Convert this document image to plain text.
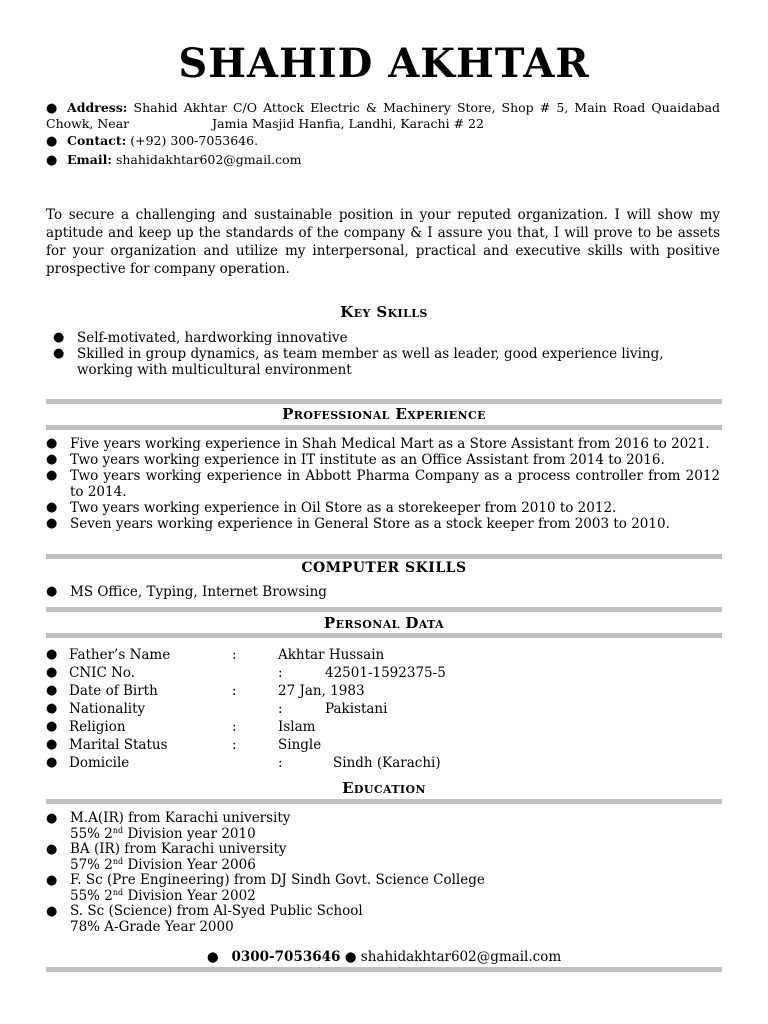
SHAHID AKHTAR
● Address: Shahid Akhtar C/O Attock Electric & Machinery Store, Shop # 5, Main Road Quaidabad
Chowk, Near	Jamia Masjid Hanfia, Landhi, Karachi # 22
● Contact: (+92) 300-7053646.
● Email: shahidakhtar602@gmail.com
To secure a challenging and sustainable position in your reputed organization. I will show my aptitude and keep up the standards of the company & I assure you that, I will prove to be assets for your organization and utilize my interpersonal, practical and executive skills with positive prospective for company operation.
Key Skills
● Self-motivated, hardworking innovative
● Skilled in group dynamics, as team member as well as leader, good experience living, working with multicultural environment
Professional Experience
● Five years working experience in Shah Medical Mart as a Store Assistant from 2016 to 2021.
● Two years working experience in IT institute as an Office Assistant from 2014 to 2016.
● Two years working experience in Abbott Pharma Company as a process controller from 2012 to 2014.
● Two years working experience in Oil Store as a storekeeper from 2010 to 2012.
● Seven years working experience in General Store as a stock keeper from 2003 to 2010.
COMPUTER SKILLS
● MS Office, Typing, Internet Browsing
Personal Data
● Father’s Name	:	Akhtar Hussain
● CNIC No.	:	42501-1592375-5
● Date of Birth	:	27 Jan, 1983
● Nationality	:	Pakistani
● Religion	:	Islam
● Marital Status	:	Single
● Domicile	:	Sindh (Karachi)
Education
● M.A(IR) from Karachi university
55% 2nd Division year 2010
● BA (IR) from Karachi university
57% 2nd Division Year 2006
● F. Sc (Pre Engineering) from DJ Sindh Govt. Science College
55% 2nd Division Year 2002
● S. Sc (Science) from Al-Syed Public School
78% A-Grade Year 2000
● 0300-7053646 ● shahidakhtar602@gmail.com
